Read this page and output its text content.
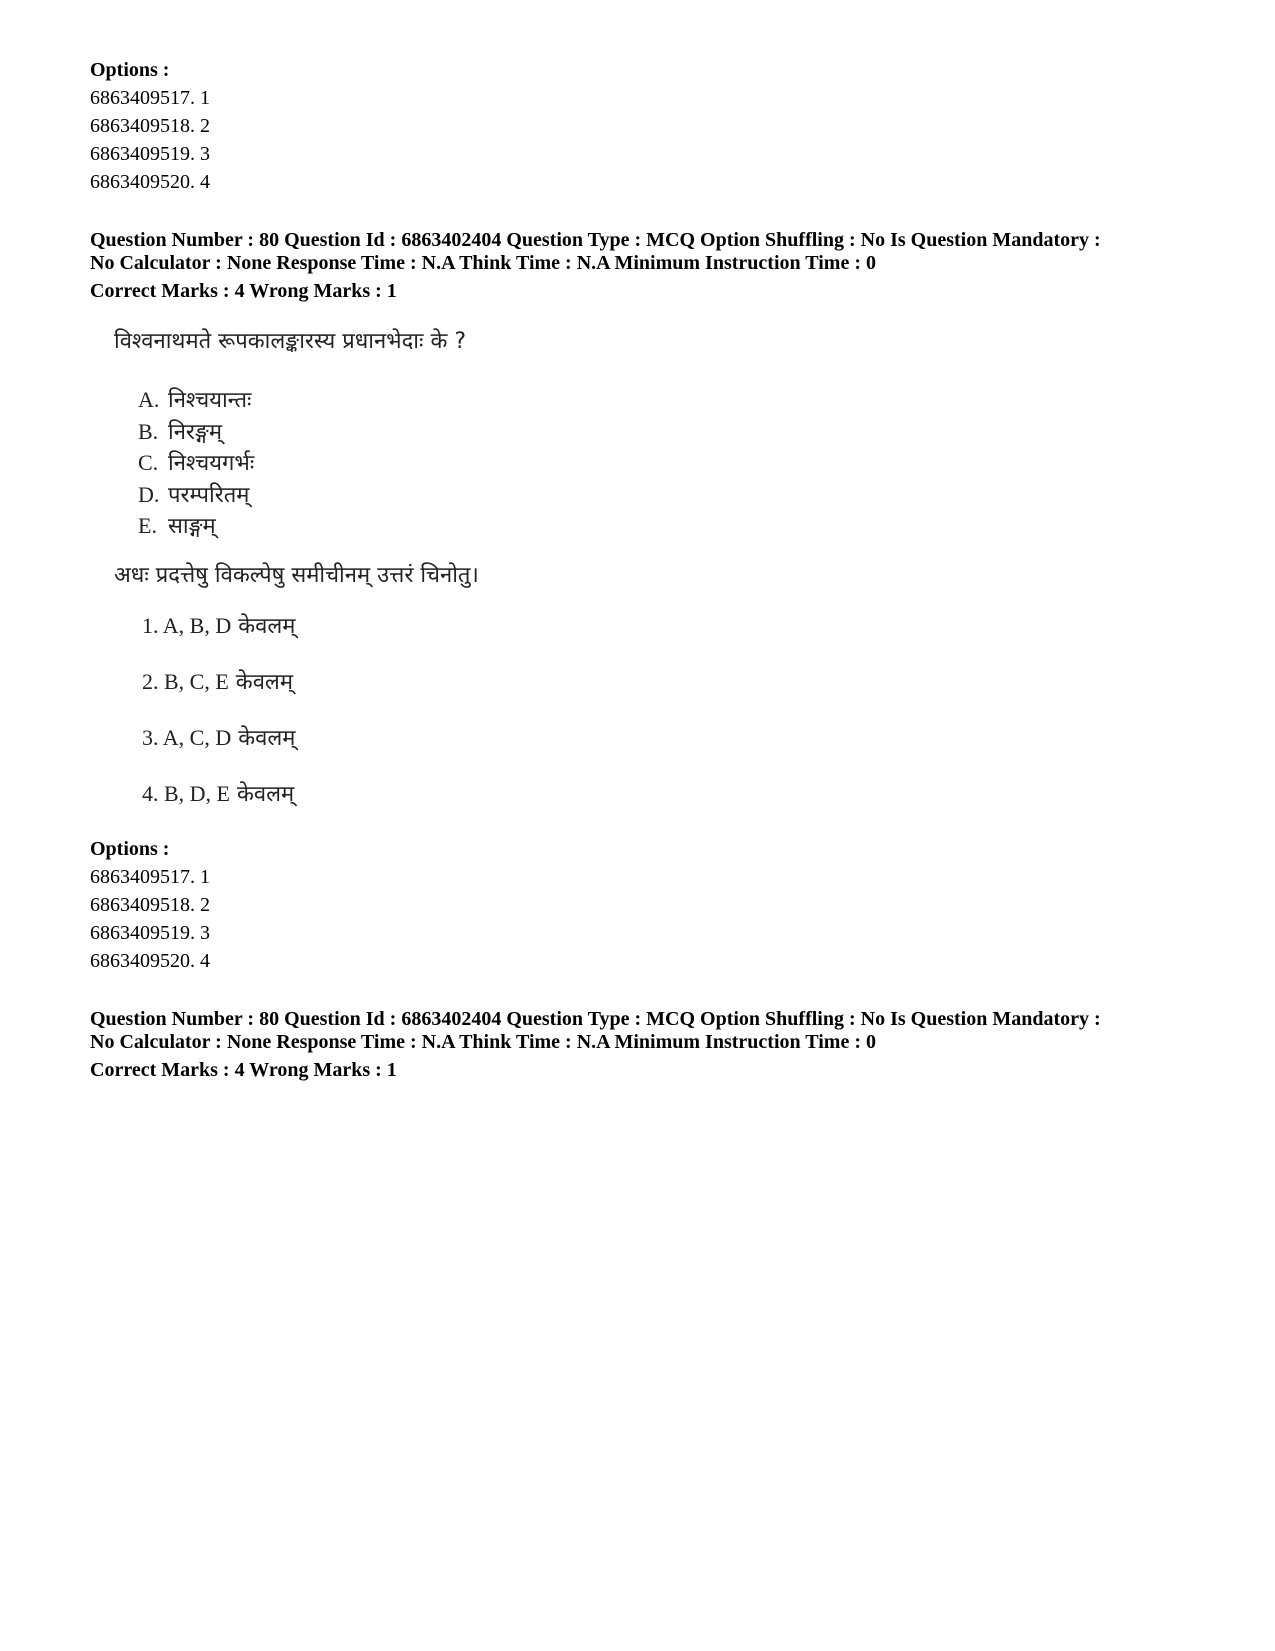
Options :
6863409517. 1
6863409518. 2
6863409519. 3
6863409520. 4
Question Number : 80 Question Id : 6863402404 Question Type : MCQ Option Shuffling : No Is Question Mandatory :
No Calculator : None Response Time : N.A Think Time : N.A Minimum Instruction Time : 0
Correct Marks : 4 Wrong Marks : 1
विश्वनाथमते रूपकालङ्कारस्य प्रधानभेदाः के ?
A. निश्चयान्तः
B. निरङ्गम्
C. निश्चयगर्भः
D. परम्परितम्
E. साङ्गम्
अधः प्रदत्तेषु विकल्पेषु समीचीनम् उत्तरं चिनोतु।
1. A, B, D केवलम्
2. B, C, E केवलम्
3. A, C, D केवलम्
4. B, D, E केवलम्
Options :
6863409517. 1
6863409518. 2
6863409519. 3
6863409520. 4
Question Number : 80 Question Id : 6863402404 Question Type : MCQ Option Shuffling : No Is Question Mandatory :
No Calculator : None Response Time : N.A Think Time : N.A Minimum Instruction Time : 0
Correct Marks : 4 Wrong Marks : 1
